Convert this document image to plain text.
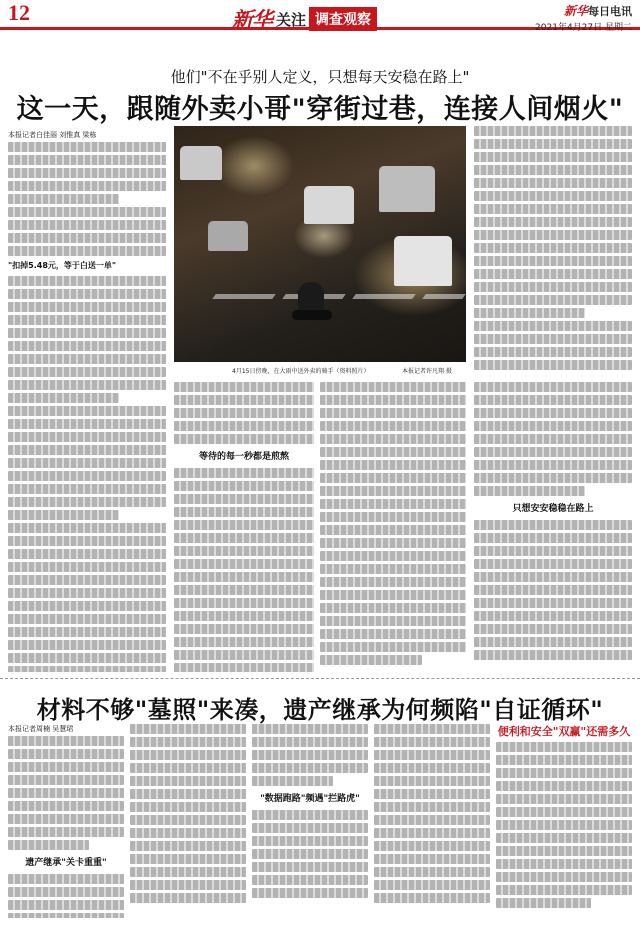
12	新华 关注 调查观察
新华每日电讯
2021年4月27日 星期二
他们"不在乎别人定义，只想每天安稳在路上"
这一天，跟随外卖小哥"穿街过巷，连接人间烟火"
本报记者白佳丽 刘惟真 梁栋
4月15日傍晚，在大雨中送外卖的骑手（资料照片）	本报记者许凡翔 摄
"扣掉5.48元，等于白送一单"
等待的每一秒都是煎熬
只想安安稳稳在路上
材料不够"墓照"来凑，遗产继承为何频陷"自证循环"
本报记者周楠 吴慧珺
遗产继承"关卡重重"
"数据跑路"频遇"拦路虎"
便利和安全"双赢"还需多久
